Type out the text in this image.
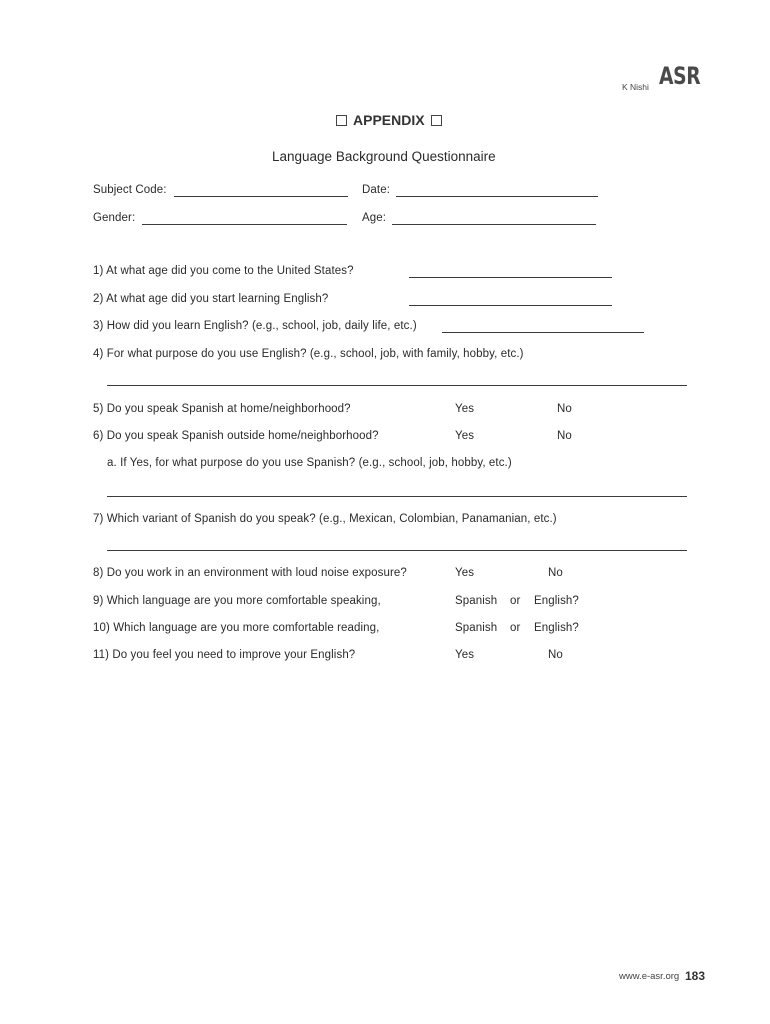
K Nishi ASR
APPENDIX
Language Background Questionnaire
Subject Code:	Date:
Gender:	Age:
1) At what age did you come to the United States?
2) At what age did you start learning English?
3) How did you learn English? (e.g., school, job, daily life, etc.)
4) For what purpose do you use English? (e.g., school, job, with family, hobby, etc.)
5) Do you speak Spanish at home/neighborhood?	Yes	No
6) Do you speak Spanish outside home/neighborhood?	Yes	No
a. If Yes, for what purpose do you use Spanish? (e.g., school, job, hobby, etc.)
7) Which variant of Spanish do you speak? (e.g., Mexican, Colombian, Panamanian, etc.)
8) Do you work in an environment with loud noise exposure?	Yes	No
9) Which language are you more comfortable speaking,	Spanish or English?
10) Which language are you more comfortable reading,	Spanish or English?
11) Do you feel you need to improve your English?	Yes	No
www.e-asr.org 183
